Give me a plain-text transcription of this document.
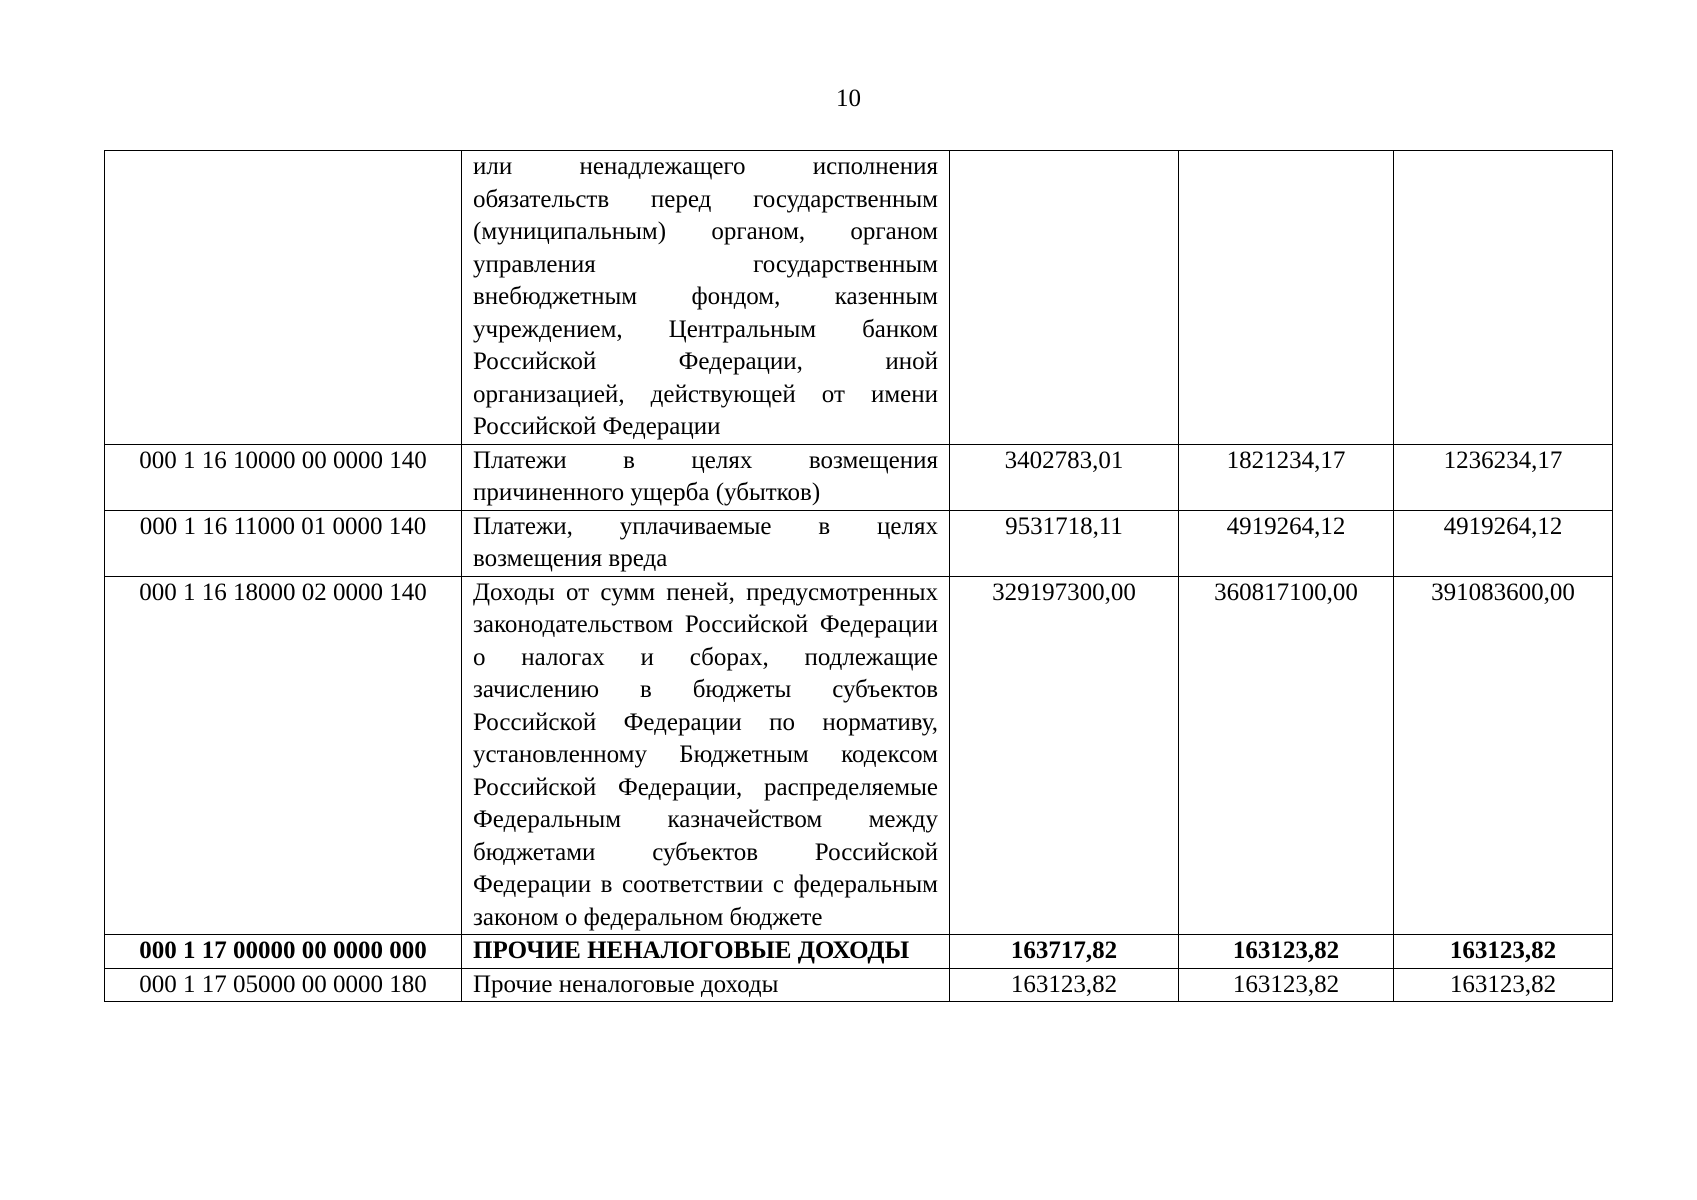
10
	или ненадлежащего исполнения обязательств перед государственным (муниципальным) органом, органом управления государственным внебюджетным фондом, казенным учреждением, Центральным банком Российской Федерации, иной организацией, действующей от имени Российской Федерации			
000 1 16 10000 00 0000 140	Платежи в целях возмещения причиненного ущерба (убытков)	3402783,01	1821234,17	1236234,17
000 1 16 11000 01 0000 140	Платежи, уплачиваемые в целях возмещения вреда	9531718,11	4919264,12	4919264,12
000 1 16 18000 02 0000 140	Доходы от сумм пеней, предусмотренных законодательством Российской Федерации о налогах и сборах, подлежащие зачислению в бюджеты субъектов Российской Федерации по нормативу, установленному Бюджетным кодексом Российской Федерации, распределяемые Федеральным казначейством между бюджетами субъектов Российской Федерации в соответствии с федеральным законом о федеральном бюджете	329197300,00	360817100,00	391083600,00
000 1 17 00000 00 0000 000	ПРОЧИЕ НЕНАЛОГОВЫЕ ДОХОДЫ	163717,82	163123,82	163123,82
000 1 17 05000 00 0000 180	Прочие неналоговые доходы	163123,82	163123,82	163123,82
